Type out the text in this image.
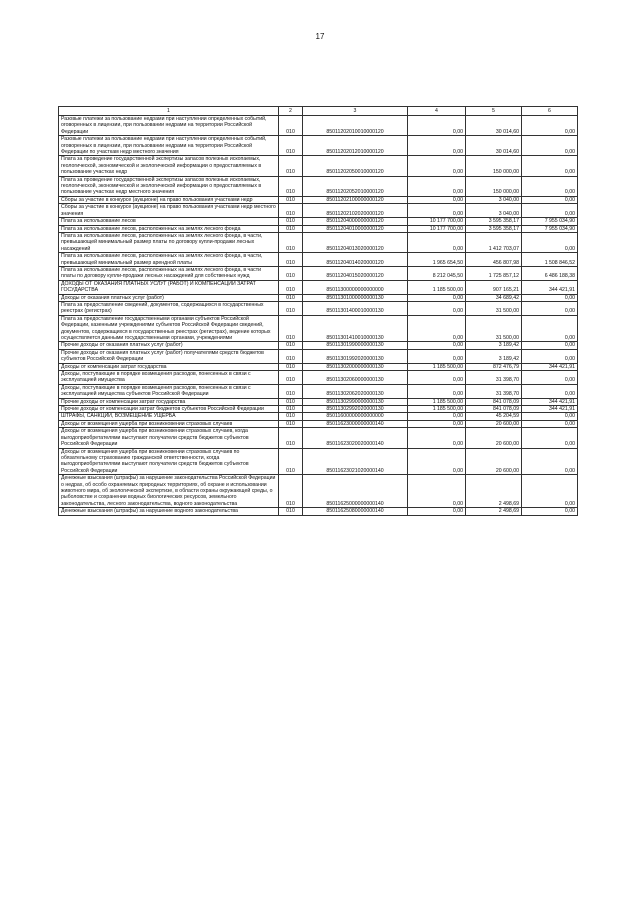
17
1	2	3	4	5	6
Разовые платежи за пользование недрами при наступлении определенных событий, оговоренных в лицензии, при пользовании недрами на территории Российской Федерации	010	85011202010010000120	0,00	30 014,60	0,00
Разовые платежи за пользование недрами при наступлении определенных событий, оговоренных в лицензии, при пользовании недрами на территории Российской Федерации по участкам недр местного значения	010	85011202012010000120	0,00	30 014,60	0,00
Плата за проведение государственной экспертизы запасов полезных ископаемых, геологической, экономической и экологической информации о предоставляемых в пользование участках недр	010	85011202050010000120	0,00	150 000,00	0,00
Плата за проведение государственной экспертизы запасов полезных ископаемых, геологической, экономической и экологической информации о предоставляемых в пользование участках недр местного значения	010	85011202052010000120	0,00	150 000,00	0,00
Сборы за участие в конкурсе (аукционе) на право пользования участками недр	010	85011202100000000120	0,00	3 040,00	0,00
Сборы за участие в конкурсе (аукционе) на право пользования участками недр местного значения	010	85011202102020000120	0,00	3 040,00	0,00
Плата за использование лесов	010	85011204000000000120	10 177 700,00	3 595 358,17	7 955 034,90
Плата за использование лесов, расположенных на землях лесного фонда	010	85011204010000000120	10 177 700,00	3 595 358,17	7 955 034,90
Плата за использование лесов, расположенных на землях лесного фонда, в части, превышающей минимальный размер платы по договору купли-продажи лесных насаждений	010	85011204013020000120	0,00	1 412 703,07	0,00
Плата за использование лесов, расположенных на землях лесного фонда, в части, превышающей минимальный размер арендной платы	010	85011204014020000120	1 965 654,50	456 807,98	1 508 846,52
Плата за использование лесов, расположенных на землях лесного фонда, в части платы по договору купли-продажи лесных насаждений для собственных нужд	010	85011204015020000120	8 212 045,50	1 725 857,12	6 486 188,38
ДОХОДЫ ОТ ОКАЗАНИЯ ПЛАТНЫХ УСЛУГ (РАБОТ) И КОМПЕНСАЦИИ ЗАТРАТ ГОСУДАРСТВА	010	85011300000000000000	1 185 500,00	907 165,21	344 421,91
Доходы от оказания платных услуг (работ)	010	85011301000000000130	0,00	34 689,42	0,00
Плата за предоставление сведений, документов, содержащихся в государственных реестрах (регистрах)	010	85011301400010000130	0,00	31 500,00	0,00
Плата за предоставление государственными органами субъектов Российской Федерации, казенными учреждениями субъектов Российской Федерации сведений, документов, содержащихся в государственных реестрах (регистрах), ведение которых осуществляется данными государственными органами, учреждениями	010	85011301410010000130	0,00	31 500,00	0,00
Прочие доходы от оказания платных услуг (работ)	010	85011301990000000130	0,00	3 189,42	0,00
Прочие доходы от оказания платных услуг (работ) получателями средств бюджетов субъектов Российской Федерации	010	85011301992020000130	0,00	3 189,42	0,00
Доходы от компенсации затрат государства	010	85011302000000000130	1 185 500,00	872 476,79	344 421,91
Доходы, поступающие в порядке возмещения расходов, понесенных в связи с эксплуатацией имущества	010	85011302060000000130	0,00	31 398,70	0,00
Доходы, поступающие в порядке возмещения расходов, понесенных в связи с эксплуатацией имущества субъектов Российской Федерации	010	85011302062020000130	0,00	31 398,70	0,00
Прочие доходы от компенсации затрат государства	010	85011302990000000130	1 185 500,00	841 078,09	344 421,91
Прочие доходы от компенсации затрат бюджетов субъектов Российской Федерации	010	85011302992020000130	1 185 500,00	841 078,09	344 421,91
ШТРАФЫ, САНКЦИИ, ВОЗМЕЩЕНИЕ УЩЕРБА	010	85011600000000000000	0,00	45 204,59	0,00
Доходы от возмещения ущерба при возникновении страховых случаев	010	85011623000000000140	0,00	20 600,00	0,00
Доходы от возмещения ущерба при возникновении страховых случаев, когда выгодоприобретателями выступают получатели средств бюджетов субъектов Российской Федерации	010	85011623020020000140	0,00	20 600,00	0,00
Доходы от возмещения ущерба при возникновении страховых случаев по обязательному страхованию гражданской ответственности, когда выгодоприобретателями выступают получатели средств бюджетов субъектов Российской Федерации	010	85011623021020000140	0,00	20 600,00	0,00
Денежные взыскания (штрафы) за нарушение законодательства Российской Федерации о недрах, об особо охраняемых природных территориях, об охране и использовании животного мира, об экологической экспертизе, в области охраны окружающей среды, о рыболовстве и сохранении водных биологических ресурсов, земельного законодательства, лесного законодательства, водного законодательства	010	85011625000000000140	0,00	2 498,69	0,00
Денежные взыскания (штрафы) за нарушение водного законодательства	010	85011625080000000140	0,00	2 498,69	0,00
